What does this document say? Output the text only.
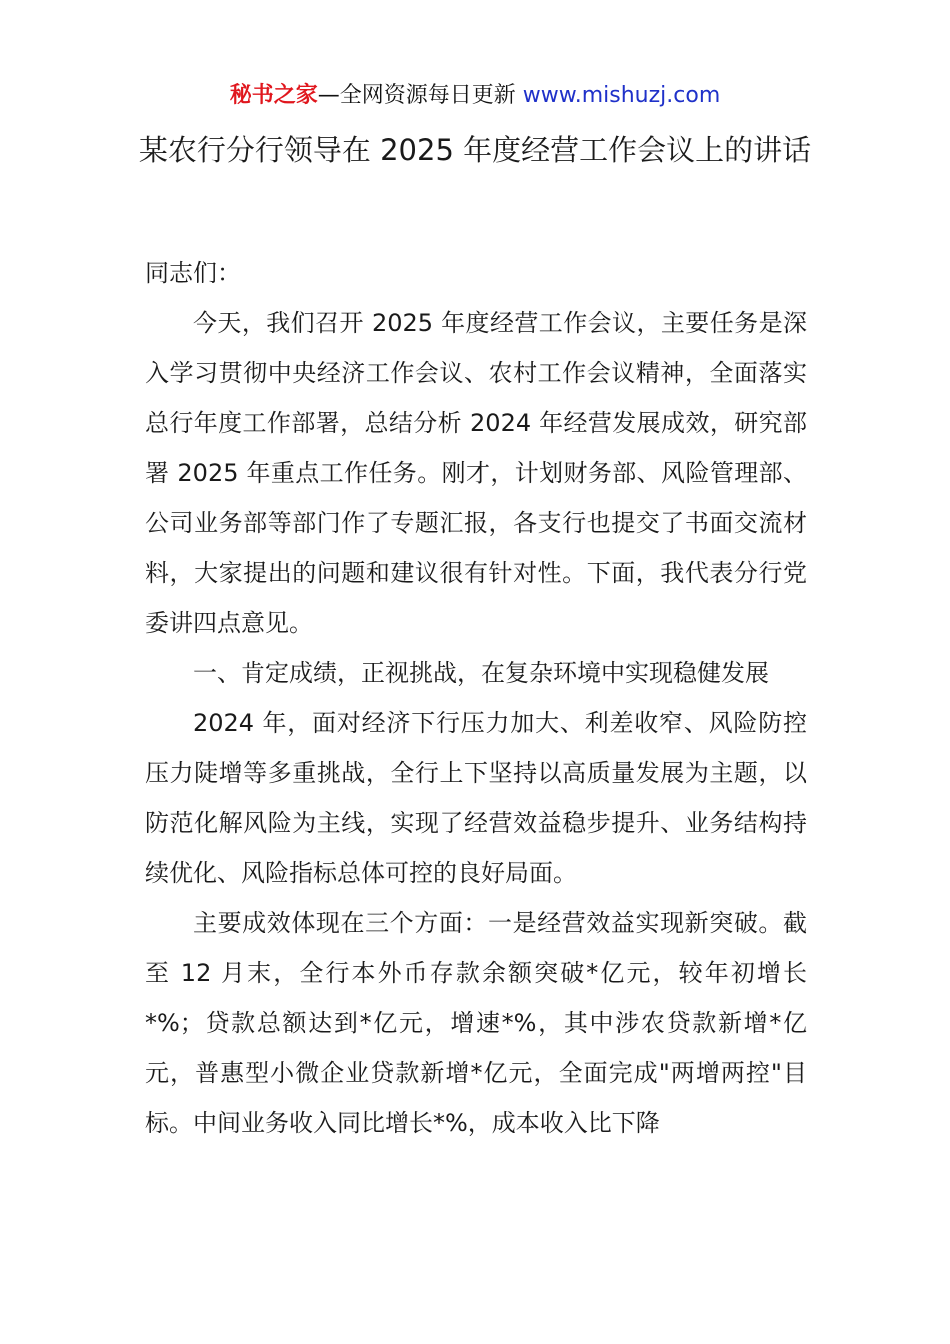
秘书之家—全网资源每日更新 www.mishuzj.com
某农行分行领导在 2025 年度经营工作会议上的讲话

同志们：

今天，我们召开 2025 年度经营工作会议，主要任务是深入学习贯彻中央经济工作会议、农村工作会议精神，全面落实总行年度工作部署，总结分析 2024 年经营发展成效，研究部署 2025 年重点工作任务。刚才，计划财务部、风险管理部、公司业务部等部门作了专题汇报，各支行也提交了书面交流材料，大家提出的问题和建议很有针对性。下面，我代表分行党委讲四点意见。

一、肯定成绩，正视挑战，在复杂环境中实现稳健发展

2024 年，面对经济下行压力加大、利差收窄、风险防控压力陡增等多重挑战，全行上下坚持以高质量发展为主题，以防范化解风险为主线，实现了经营效益稳步提升、业务结构持续优化、风险指标总体可控的良好局面。

主要成效体现在三个方面：一是经营效益实现新突破。截至 12 月末，全行本外币存款余额突破*亿元，较年初增长*%；贷款总额达到*亿元，增速*%，其中涉农贷款新增*亿元，普惠型小微企业贷款新增*亿元，全面完成"两增两控"目标。中间业务收入同比增长*%，成本收入比下降
